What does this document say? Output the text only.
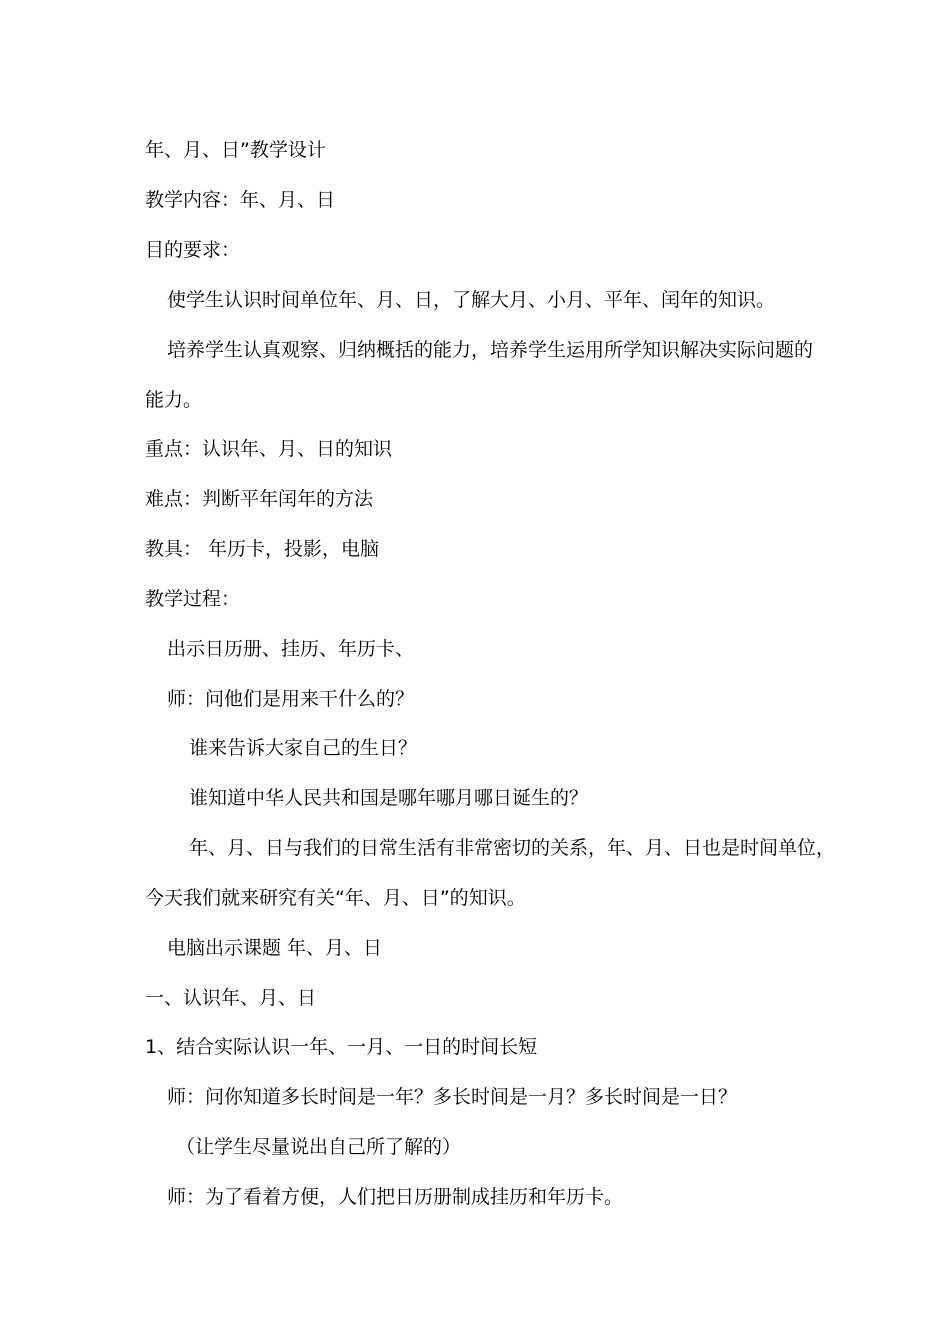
年、月、日”教学设计
教学内容：年、月、日
目的要求：
使学生认识时间单位年、月、日，了解大月、小月、平年、闰年的知识。
培养学生认真观察、归纳概括的能力，培养学生运用所学知识解决实际问题的
能力。
重点：认识年、月、日的知识
难点：判断平年闰年的方法
教具： 年历卡，投影，电脑
教学过程：
出示日历册、挂历、年历卡、
师：问他们是用来干什么的？
谁来告诉大家自己的生日？
谁知道中华人民共和国是哪年哪月哪日诞生的？
年、月、日与我们的日常生活有非常密切的关系，年、月、日也是时间单位，
今天我们就来研究有关“年、月、日”的知识。
电脑出示课题 年、月、日
一、认识年、月、日
1、结合实际认识一年、一月、一日的时间长短
师：问你知道多长时间是一年？多长时间是一月？多长时间是一日？
（让学生尽量说出自己所了解的）
师：为了看着方便，人们把日历册制成挂历和年历卡。
